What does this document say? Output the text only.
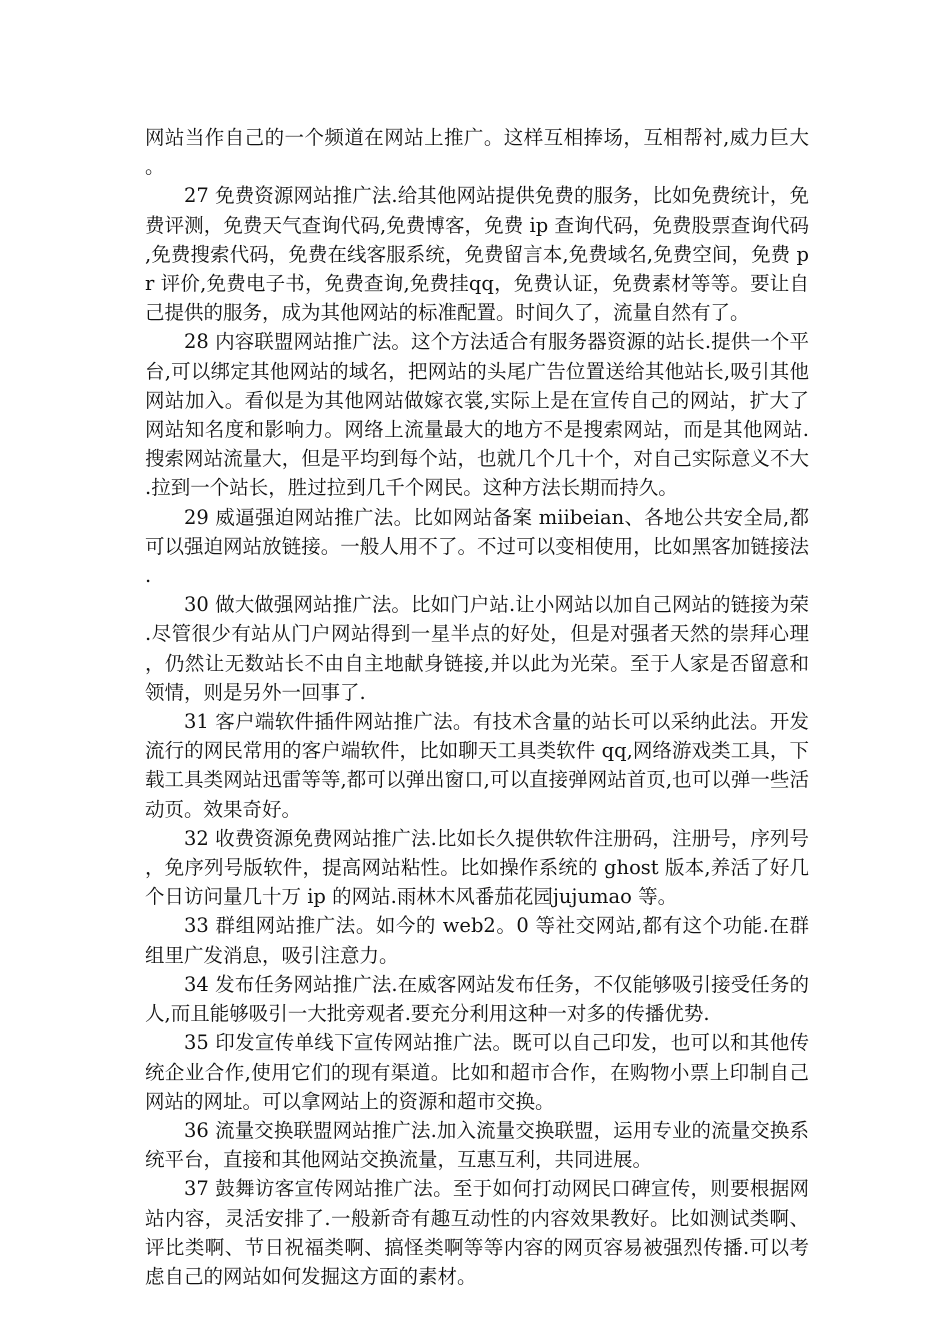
网站当作自己的一个频道在网站上推广。这样互相捧场，互相帮衬,威力巨大。

27 免费资源网站推广法.给其他网站提供免费的服务，比如免费统计，免费评测，免费天气查询代码,免费博客，免费 ip 查询代码，免费股票查询代码,免费搜索代码，免费在线客服系统，免费留言本,免费域名,免费空间，免费 pr 评价,免费电子书，免费查询,免费挂qq，免费认证，免费素材等等。要让自己提供的服务，成为其他网站的标准配置。时间久了，流量自然有了。

28 内容联盟网站推广法。这个方法适合有服务器资源的站长.提供一个平台,可以绑定其他网站的域名，把网站的头尾广告位置送给其他站长,吸引其他网站加入。看似是为其他网站做嫁衣裳,实际上是在宣传自己的网站，扩大了网站知名度和影响力。网络上流量最大的地方不是搜索网站，而是其他网站.搜索网站流量大，但是平均到每个站，也就几个几十个，对自己实际意义不大.拉到一个站长，胜过拉到几千个网民。这种方法长期而持久。

29 威逼强迫网站推广法。比如网站备案 miibeian、各地公共安全局,都可以强迫网站放链接。一般人用不了。不过可以变相使用，比如黑客加链接法.

30 做大做强网站推广法。比如门户站.让小网站以加自己网站的链接为荣.尽管很少有站从门户网站得到一星半点的好处，但是对强者天然的崇拜心理，仍然让无数站长不由自主地献身链接,并以此为光荣。至于人家是否留意和领情，则是另外一回事了.

31 客户端软件插件网站推广法。有技术含量的站长可以采纳此法。开发流行的网民常用的客户端软件，比如聊天工具类软件 qq,网络游戏类工具，下载工具类网站迅雷等等,都可以弹出窗口,可以直接弹网站首页,也可以弹一些活动页。效果奇好。

32 收费资源免费网站推广法.比如长久提供软件注册码，注册号，序列号，免序列号版软件，提高网站粘性。比如操作系统的 ghost 版本,养活了好几个日访问量几十万 ip 的网站.雨林木风番茄花园jujumao 等。

33 群组网站推广法。如今的 web2。0 等社交网站,都有这个功能.在群组里广发消息，吸引注意力。

34 发布任务网站推广法.在威客网站发布任务，不仅能够吸引接受任务的人,而且能够吸引一大批旁观者.要充分利用这种一对多的传播优势.

35 印发宣传单线下宣传网站推广法。既可以自己印发，也可以和其他传统企业合作,使用它们的现有渠道。比如和超市合作，在购物小票上印制自己网站的网址。可以拿网站上的资源和超市交换。

36 流量交换联盟网站推广法.加入流量交换联盟，运用专业的流量交换系统平台，直接和其他网站交换流量，互惠互利，共同进展。

37 鼓舞访客宣传网站推广法。至于如何打动网民口碑宣传，则要根据网站内容，灵活安排了.一般新奇有趣互动性的内容效果教好。比如测试类啊、评比类啊、节日祝福类啊、搞怪类啊等等内容的网页容易被强烈传播.可以考虑自己的网站如何发掘这方面的素材。
